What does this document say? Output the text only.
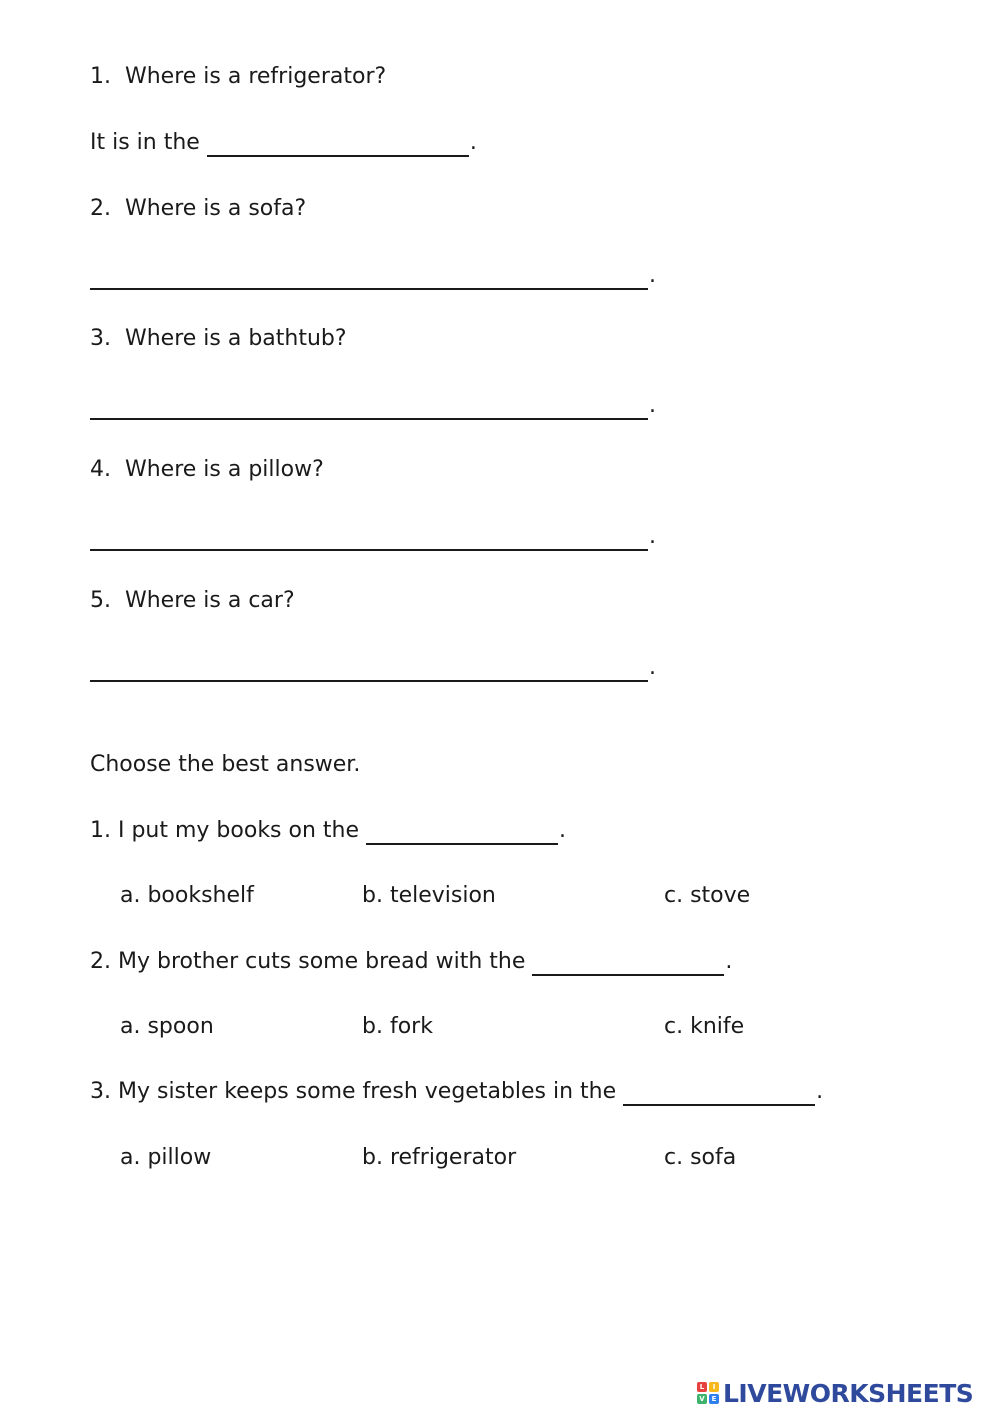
1.  Where is a refrigerator?
It is in the	.
2.  Where is a sofa?
.
3.  Where is a bathtub?
.
4.  Where is a pillow?
.
5.  Where is a car?
.
Choose the best answer.
1. I put my books on the	.
a. bookshelf	b. television	c. stove
2. My brother cuts some bread with the	.
a. spoon	b. fork	c. knife
3. My sister keeps some fresh vegetables in the	.
a. pillow	b. refrigerator	c. sofa
L	I
V E LIVEWORKSHEETS
